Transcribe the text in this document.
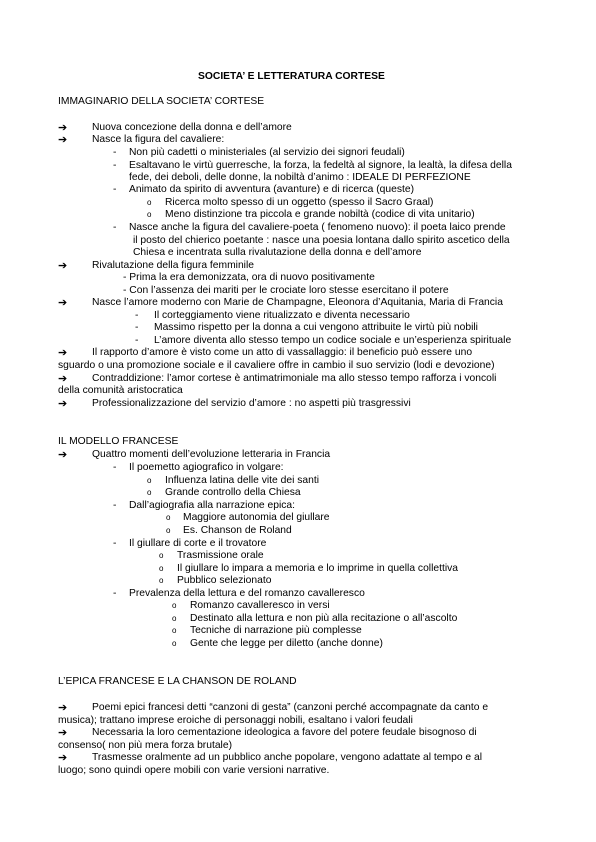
SOCIETA’ E LETTERATURA CORTESE
IMMAGINARIO DELLA SOCIETA’ CORTESE
➔ Nuova concezione della donna e dell’amore
➔ Nasce la figura del cavaliere:
- Non più cadetti o ministeriales (al servizio dei signori feudali)
- Esaltavano le virtù guerresche, la forza, la fedeltà al signore, la lealtà, la difesa della
fede, dei deboli, delle donne, la nobiltà d’animo : IDEALE DI PERFEZIONE
- Animato da spirito di avventura (avanture) e di ricerca (queste)
o Ricerca molto spesso di un oggetto (spesso il Sacro Graal)
o Meno distinzione tra piccola e grande nobiltà (codice di vita unitario)
- Nasce anche la figura del cavaliere-poeta ( fenomeno nuovo): il poeta laico prende
il posto del chierico poetante : nasce una poesia lontana dallo spirito ascetico della
Chiesa e incentrata sulla rivalutazione della donna e dell’amore
➔ Rivalutazione della figura femminile
- Prima la era demonizzata, ora di nuovo positivamente
- Con l’assenza dei mariti per le crociate loro stesse esercitano il potere
➔ Nasce l’amore moderno con Marie de Champagne, Eleonora d’Aquitania, Maria di Francia
- Il corteggiamento viene ritualizzato e diventa necessario
- Massimo rispetto per la donna a cui vengono attribuite le virtù più nobili
- L’amore diventa allo stesso tempo un codice sociale e un’esperienza spirituale
➔ Il rapporto d’amore è visto come un atto di vassallaggio: il beneficio può essere uno
sguardo o una promozione sociale e il cavaliere offre in cambio il suo servizio (lodi e devozione)
➔ Contraddizione: l’amor cortese è antimatrimoniale ma allo stesso tempo rafforza i voncoli
della comunità aristocratica
➔ Professionalizzazione del servizio d’amore : no aspetti più trasgressivi
IL MODELLO FRANCESE
➔ Quattro momenti dell’evoluzione letteraria in Francia
- Il poemetto agiografico in volgare:
o Influenza latina delle vite dei santi
o Grande controllo della Chiesa
- Dall’agiografia alla narrazione epica:
o Maggiore autonomia del giullare
o Es. Chanson de Roland
- Il giullare di corte e il trovatore
o Trasmissione orale
o Il giullare lo impara a memoria e lo imprime in quella collettiva
o Pubblico selezionato
- Prevalenza della lettura e del romanzo cavalleresco
o Romanzo cavalleresco in versi
o Destinato alla lettura e non più alla recitazione o all’ascolto
o Tecniche di narrazione più complesse
o Gente che legge per diletto (anche donne)
L’EPICA FRANCESE E LA CHANSON DE ROLAND
➔ Poemi epici francesi detti “canzoni di gesta” (canzoni perché accompagnate da canto e
musica); trattano imprese eroiche di personaggi nobili, esaltano i valori feudali
➔ Necessaria la loro cementazione ideologica a favore del potere feudale bisognoso di
consenso( non più mera forza brutale)
➔ Trasmesse oralmente ad un pubblico anche popolare, vengono adattate al tempo e al
luogo; sono quindi opere mobili con varie versioni narrative.
